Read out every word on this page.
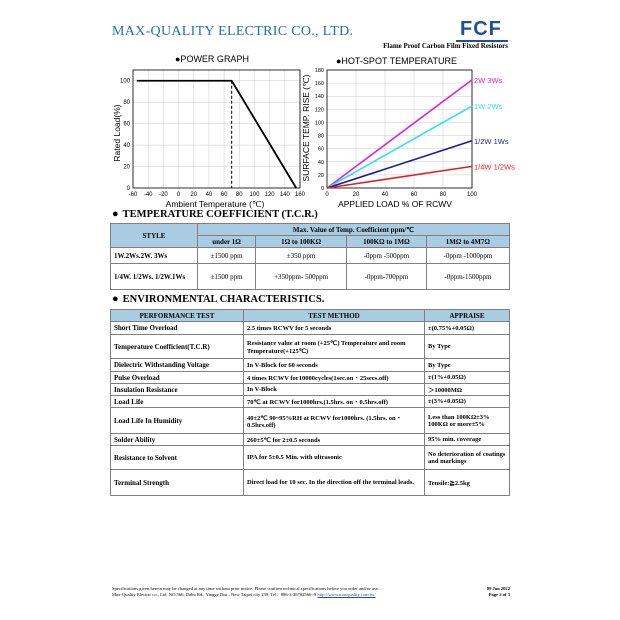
MAX-QUALITY ELECTRIC CO., LTD.	FCF
Flame Proof Carbon Film Fixed Resistors
●POWER GRAPH	●HOT-SPOT TEMPERATURE
-60 -40 -20 0 20 40 60 80 100 120 140 160
0
20
40
60
80
100
Ambient Temperature (℃)
Rated Load(%)
0	20	40	60	80	100
0
20
40
60
80
100
120
140
160
180
2W 3Ws
1W 2Ws
1/2W 1Ws
1/4W 1/2Ws
APPLIED LOAD % OF RCWV
SURFACE TEMP. RISE (℃)
● TEMPERATURE COEFFICIENT (T.C.R.)
STYLE	Max. Value of Temp. Coefficient ppm/℃			
	under 1Ω	1Ω to 100KΩ	100KΩ to 1MΩ	1MΩ to 4M7Ω
1W.2Ws.2W. 3Ws	±1500 ppm	±350 ppm	-0ppm -500ppm	-0ppm -1000ppm
1/4W. 1/2Ws. 1/2W.1Ws	±1500 ppm	+350ppm- 500ppm	-0ppm-700ppm	-0ppm-1500ppm
● ENVIRONMENTAL CHARACTERISTICS.
PERFORMANCE TEST	TEST METHOD	APPRAISE
Short Time Overload	2.5 times RCWV for 5 seconds	±(0.75%+0.05Ω)
Temperature Coefficient(T.C.R)	Resistance value at room (+25℃) Temperature and room Temperature(+125℃)	By Type
Dielectric Withstanding Voltage	In V-Block for 60 seconds	By Type
Pulse Overload	4 times RCWV for10000cycles(1sec.on・25secs.off)	±(1%+0.05Ω)
Insulation Resistance	In V-Block	＞10000MΩ
Load Life	70℃ at RCWV for1000hrs.(1.5hrs. on・0.5hrs.off)	±(3%+0.05Ω)
Load Life In Humidity	40±2℃ 90~95%RH at RCWV for1000hrs. (1.5hrs. on・0.5hrs.off)	Less than 100KΩ±3% 100KΩ or more±5%
Solder Ability	260±5℃ for 2±0.5 seconds	95% min. coverage
Resistance to Solvent	IPA for 5±0.5 Min. with ultrasonic	No deterioration of coatings and markings
Terminal Strength	Direct load for 10 sec. In the direction off the terminal leads.	Tensile:≧2.5kg
Specifications given herein may be changed at any time without prior notice. Please confirm technical specifications before you order and/or use.
Max-Quality Electric co., Ltd. NO.566, Dahu Rd., Yingge Dist., New Taipei city 239, Tel：886-2-26782566~9 http://www.maxquality.com.tw/
09 Jan 2022
Page 2 of 3
